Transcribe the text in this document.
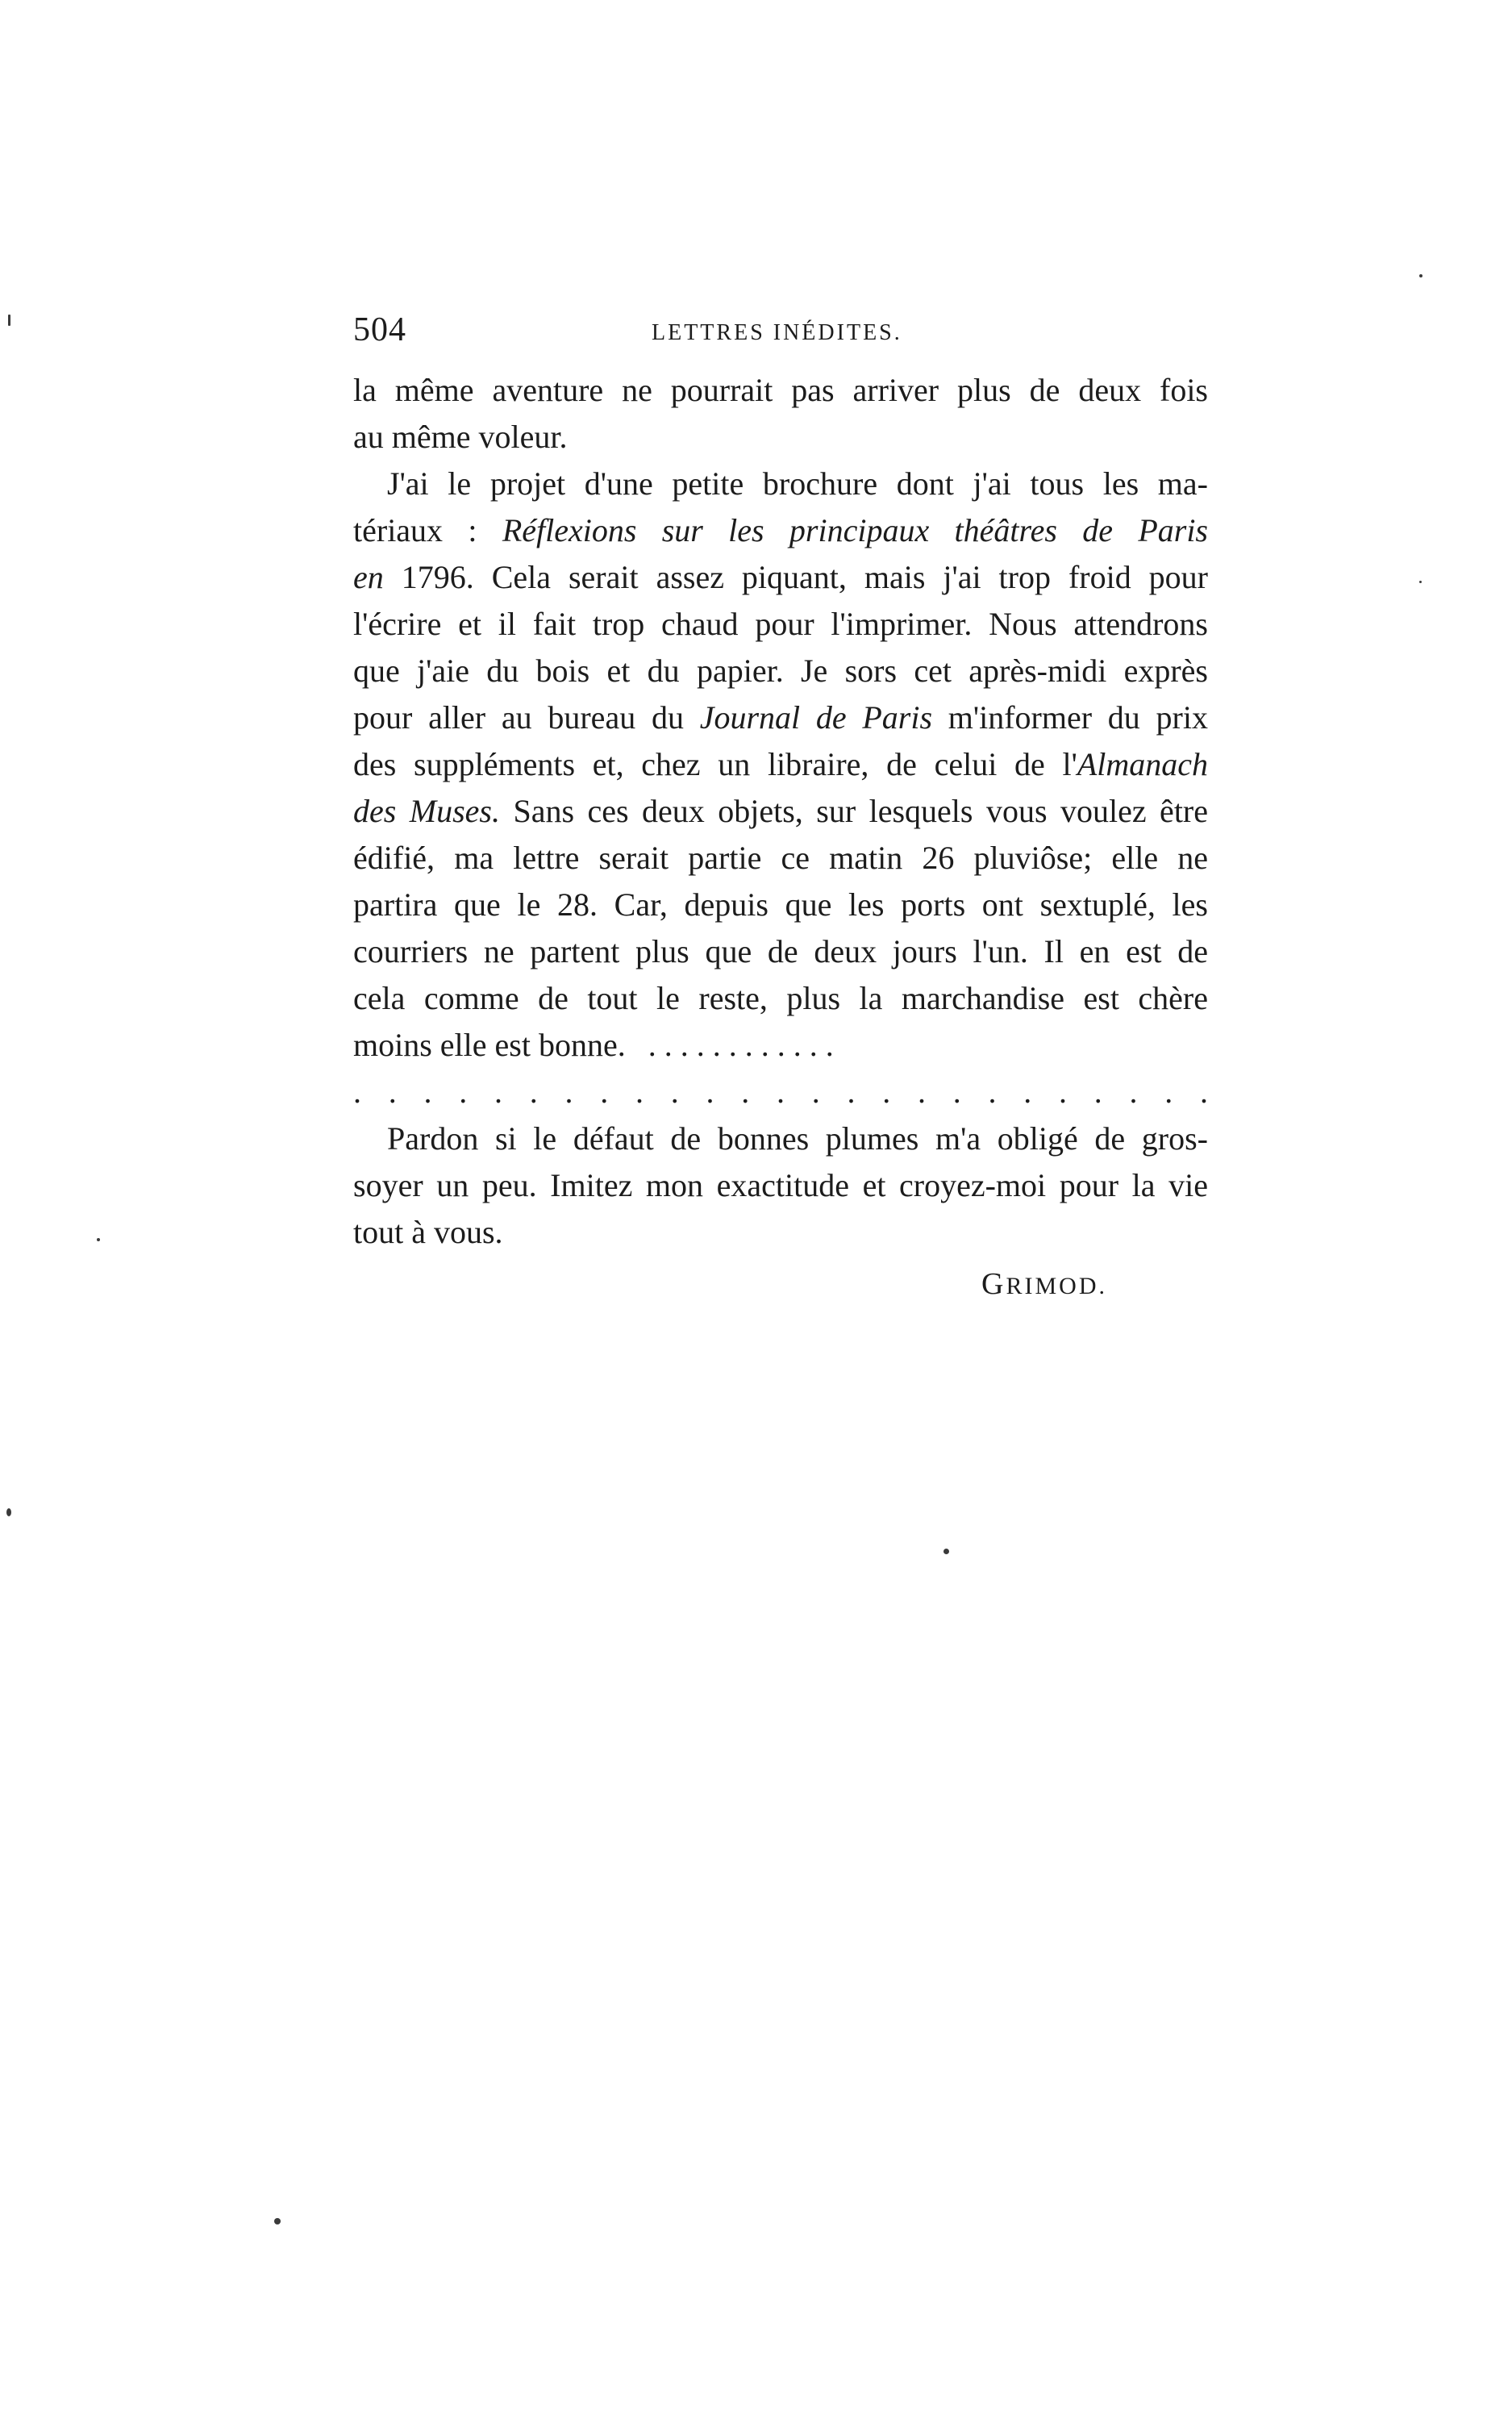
504	LETTRES INÉDITES.
la même aventure ne pourrait pas arriver plus de deux fois
au même voleur.
J'ai le projet d'une petite brochure dont j'ai tous les ma-
tériaux : Réflexions sur les principaux théâtres de Paris
en 1796. Cela serait assez piquant, mais j'ai trop froid pour
l'écrire et il fait trop chaud pour l'imprimer. Nous attendrons
que j'aie du bois et du papier. Je sors cet après-midi exprès
pour aller au bureau du Journal de Paris m'informer du prix
des suppléments et, chez un libraire, de celui de l'Almanach
des Muses. Sans ces deux objets, sur lesquels vous voulez être
édifié, ma lettre serait partie ce matin 26 pluviôse; elle ne
partira que le 28. Car, depuis que les ports ont sextuplé, les
courriers ne partent plus que de deux jours l'un. Il en est de
cela comme de tout le reste, plus la marchandise est chère
moins elle est bonne. . . . . . . . . . . . .
. . . . . . . . . . . . . . . . . . . . . . . . .
Pardon si le défaut de bonnes plumes m'a obligé de gros-
soyer un peu. Imitez mon exactitude et croyez-moi pour la vie
tout à vous.
GRIMOD.
